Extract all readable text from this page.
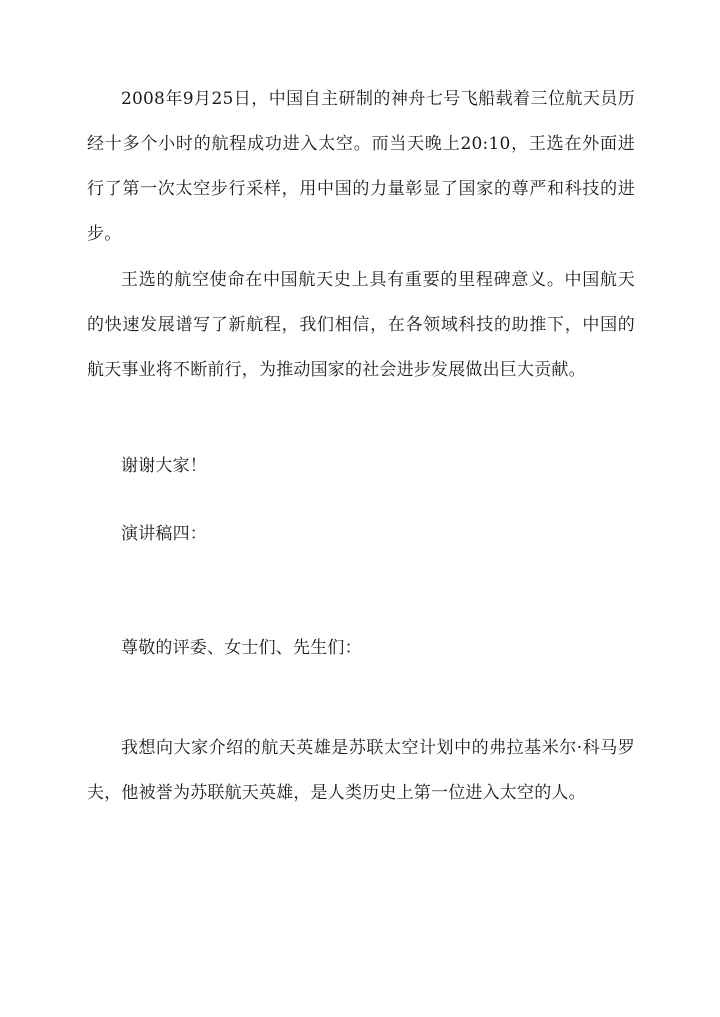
2008年9月25日，中国自主研制的神舟七号飞船载着三位航天员历经十多个小时的航程成功进入太空。而当天晚上20:10，王选在外面进行了第一次太空步行采样，用中国的力量彰显了国家的尊严和科技的进步。

王选的航空使命在中国航天史上具有重要的里程碑意义。中国航天的快速发展谱写了新航程，我们相信，在各领域科技的助推下，中国的航天事业将不断前行，为推动国家的社会进步发展做出巨大贡献。

谢谢大家！

演讲稿四：

尊敬的评委、女士们、先生们：

我想向大家介绍的航天英雄是苏联太空计划中的弗拉基米尔·科马罗夫，他被誉为苏联航天英雄，是人类历史上第一位进入太空的人。
